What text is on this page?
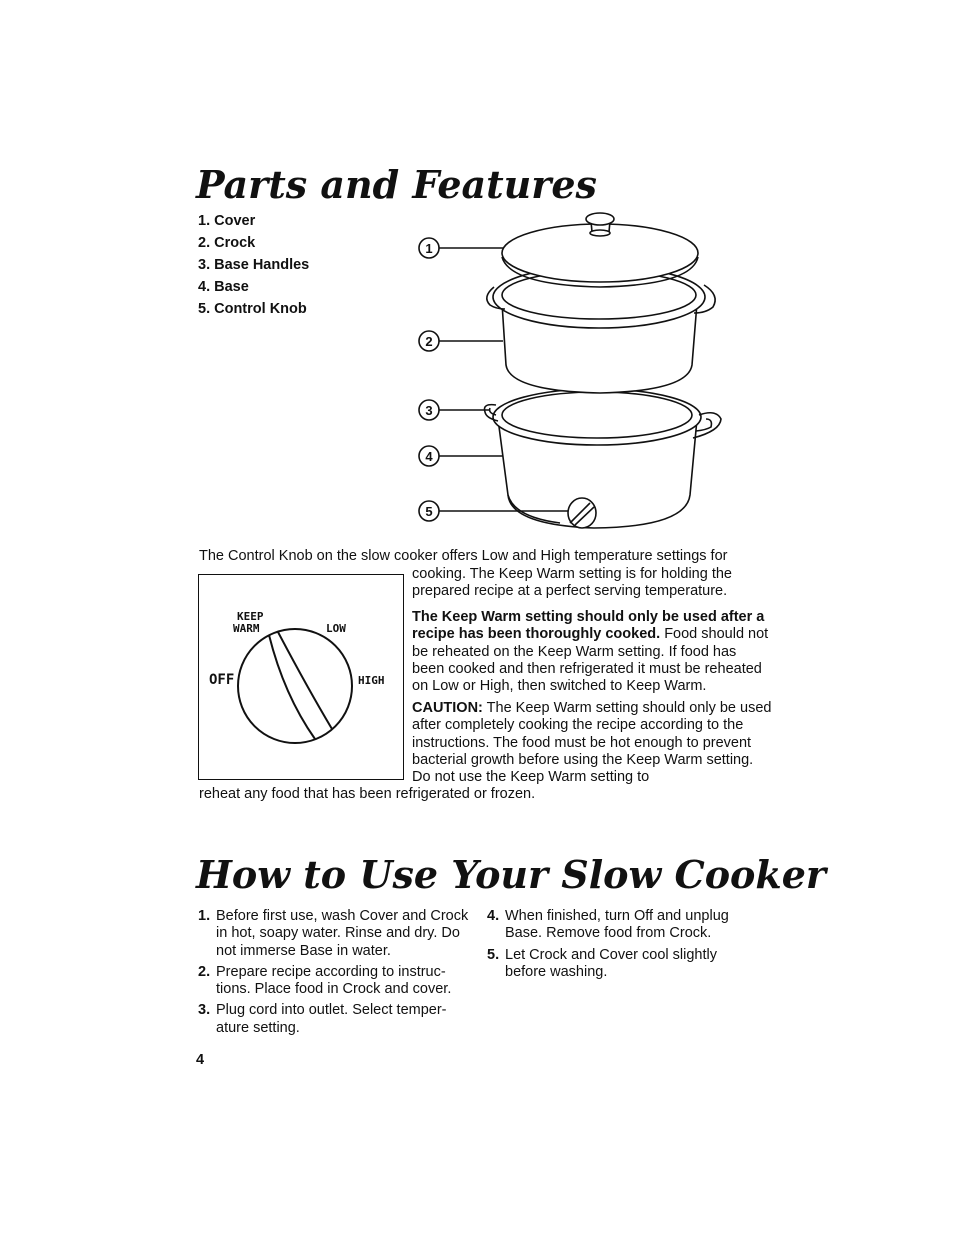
Parts and Features
1. Cover
2. Crock
3. Base Handles
4. Base
5. Control Knob
1
2
3
4
5

The Control Knob on the slow cooker offers Low and High temperature settings for

KEEP
WARM	LOW
OFF	HIGH

cooking. The Keep Warm setting is for holding the prepared recipe at a perfect serving temperature.

The Keep Warm setting should only be used after a recipe has been thoroughly cooked. Food should not be reheated on the Keep Warm setting. If food has been cooked and then refrigerated it must be reheated on Low or High, then switched to Keep Warm.

CAUTION: The Keep Warm setting should only be used after completely cooking the recipe according to the instructions. The food must be hot enough to prevent bacterial growth before using the Keep Warm setting. Do not use the Keep Warm setting to

reheat any food that has been refrigerated or frozen.

How to Use Your Slow Cooker
1. Before first use, wash Cover and Crock in hot, soapy water. Rinse and dry. Do not immerse Base in water.
2. Prepare recipe according to instruc- tions. Place food in Crock and cover.
3. Plug cord into outlet. Select temper- ature setting.
4. When finished, turn Off and unplug Base. Remove food from Crock.
5. Let Crock and Cover cool slightly before washing.
4
